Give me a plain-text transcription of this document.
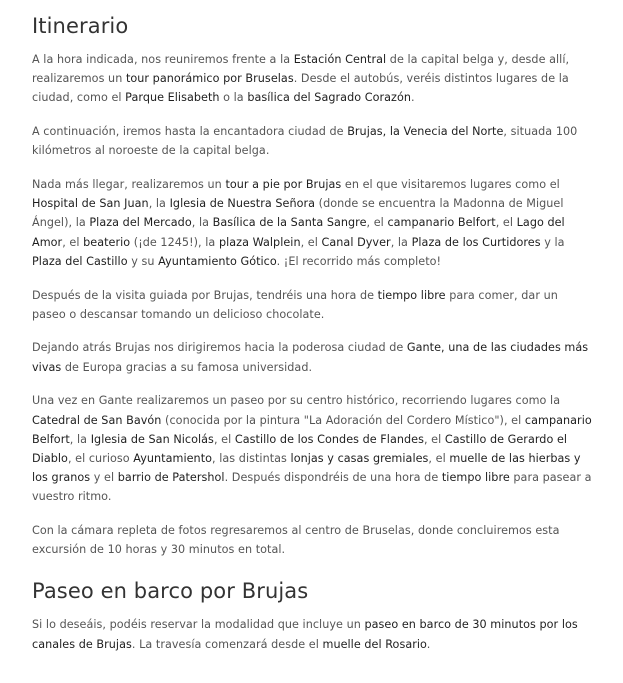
Itinerario

A la hora indicada, nos reuniremos frente a la Estación Central de la capital belga y, desde allí, realizaremos un tour panorámico por Bruselas. Desde el autobús, veréis distintos lugares de la ciudad, como el Parque Elisabeth o la basílica del Sagrado Corazón.

A continuación, iremos hasta la encantadora ciudad de Brujas, la Venecia del Norte, situada 100 kilómetros al noroeste de la capital belga.

Nada más llegar, realizaremos un tour a pie por Brujas en el que visitaremos lugares como el Hospital de San Juan, la Iglesia de Nuestra Señora (donde se encuentra la Madonna de Miguel Ángel), la Plaza del Mercado, la Basílica de la Santa Sangre, el campanario Belfort, el Lago del Amor, el beaterio (¡de 1245!), la plaza Walplein, el Canal Dyver, la Plaza de los Curtidores y la Plaza del Castillo y su Ayuntamiento Gótico. ¡El recorrido más completo!

Después de la visita guiada por Brujas, tendréis una hora de tiempo libre para comer, dar un paseo o descansar tomando un delicioso chocolate.

Dejando atrás Brujas nos dirigiremos hacia la poderosa ciudad de Gante, una de las ciudades más vivas de Europa gracias a su famosa universidad.

Una vez en Gante realizaremos un paseo por su centro histórico, recorriendo lugares como la Catedral de San Bavón (conocida por la pintura "La Adoración del Cordero Místico"), el campanario Belfort, la Iglesia de San Nicolás, el Castillo de los Condes de Flandes, el Castillo de Gerardo el Diablo, el curioso Ayuntamiento, las distintas lonjas y casas gremiales, el muelle de las hierbas y los granos y el barrio de Patershol. Después dispondréis de una hora de tiempo libre para pasear a vuestro ritmo.

Con la cámara repleta de fotos regresaremos al centro de Bruselas, donde concluiremos esta excursión de 10 horas y 30 minutos en total.

Paseo en barco por Brujas

Si lo deseáis, podéis reservar la modalidad que incluye un paseo en barco de 30 minutos por los canales de Brujas. La travesía comenzará desde el muelle del Rosario.
